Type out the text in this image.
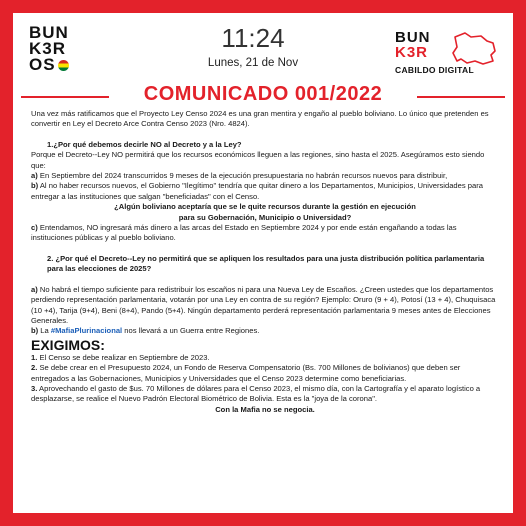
BUN
K3R
OS
11:24
Lunes, 21 de Nov
BUN
K3R
CABILDO DIGITAL
COMUNICADO 001/2022

Una vez más ratificamos que el Proyecto Ley Censo 2024 es una gran mentira y engaño al pueblo boliviano. Lo único que pretenden es convertir en Ley el Decreto Arce Contra Censo 2023 (Nro. 4824).

1.¿Por qué debemos decirle NO al Decreto y a la Ley?

Porque el Decreto--Ley NO permitirá que los recursos económicos lleguen a las regiones, sino hasta el 2025. Asegúramos esto siendo que:

a) En Septiembre del 2024 transcurridos 9 meses de la ejecución presupuestaria no habrán recursos nuevos para distribuir,

b) Al no haber recursos nuevos, el Gobierno "Ilegítimo" tendría que quitar dinero a los Departamentos, Municipios, Universidades para entregar a las instituciones que salgan "beneficiadas" con el Censo.

¿Algún boliviano aceptaría que se le quite recursos durante la gestión en ejecución

para su Gobernación, Municipio o Universidad?

c) Entendamos, NO ingresará más dinero a las arcas del Estado en Septiembre 2024 y por ende están engañando a todas las instituciones públicas y al pueblo boliviano.

2. ¿Por qué el Decreto--Ley no permitirá que se apliquen los resultados para una justa distribución política parlamentaria para las elecciones de 2025?

a) No habrá el tiempo suficiente para redistribuir los escaños ni para una Nueva Ley de Escaños. ¿Creen ustedes que los departamentos perdiendo representación parlamentaria, votarán por una Ley en contra de su región? Ejemplo: Oruro (9 + 4), Potosí (13 + 4), Chuquisaca (10 +4), Tarija (9+4), Beni (8+4), Pando (5+4). Ningún departamento perderá representación parlamentaria 9 meses antes de Elecciones Generales.

b) La #MafiaPlurinacional nos llevará a un Guerra entre Regiones.

EXIGIMOS:

1. El Censo se debe realizar en Septiembre de 2023.

2. Se debe crear en el Presupuesto 2024, un Fondo de Reserva Compensatorio (Bs. 700 Millones de bolivianos) que deben ser entregados a las Gobernaciones, Municipios y Universidades que el Censo 2023 determine como beneficiarias.

3. Aprovechando el gasto de $us. 70 Millones de dólares para el Censo 2023, el mismo día, con la Cartografía y el aparato logístico a desplazarse, se realice el Nuevo Padrón Electoral Biométrico de Bolivia. Esta es la "joya de la corona".

Con la Mafia no se negocia.
